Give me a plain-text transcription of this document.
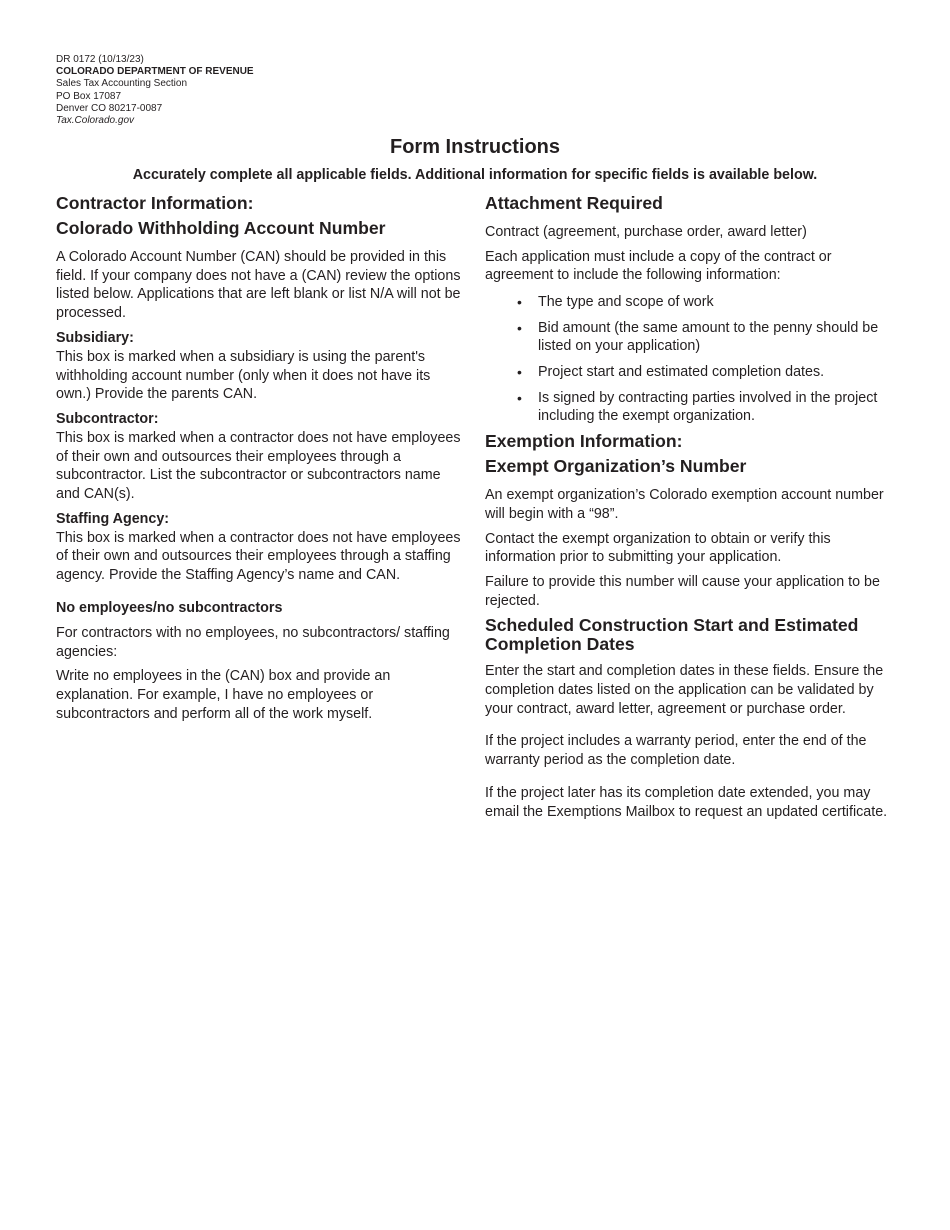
DR 0172 (10/13/23)
COLORADO DEPARTMENT OF REVENUE
Sales Tax Accounting Section
PO Box 17087
Denver CO 80217-0087
Tax.Colorado.gov
Form Instructions
Accurately complete all applicable fields. Additional information for specific fields is available below.
Contractor Information:
Colorado Withholding Account Number

A Colorado Account Number (CAN) should be provided in this field. If your company does not have a (CAN) review the options listed below. Applications that are left blank or list N/A will not be processed.

Subsidiary:

This box is marked when a subsidiary is using the parent's withholding account number (only when it does not have its own.) Provide the parents CAN.

Subcontractor:

This box is marked when a contractor does not have employees of their own and outsources their employees through a subcontractor. List the subcontractor or subcontractors name and CAN(s).

Staffing Agency:

This box is marked when a contractor does not have employees of their own and outsources their employees through a staffing agency. Provide the Staffing Agency’s name and CAN.

No employees/no subcontractors

For contractors with no employees, no subcontractors/ staffing agencies:

Write no employees in the (CAN) box and provide an explanation. For example, I have no employees or subcontractors and perform all of the work myself.

Attachment Required

Contract (agreement, purchase order, award letter)

Each application must include a copy of the contract or agreement to include the following information:

• The type and scope of work
• Bid amount (the same amount to the penny should be listed on your application)
• Project start and estimated completion dates.
• Is signed by contracting parties involved in the project including the exempt organization.
Exemption Information:
Exempt Organization’s Number

An exempt organization’s Colorado exemption account number will begin with a “98”.

Contact the exempt organization to obtain or verify this information prior to submitting your application.

Failure to provide this number will cause your application to be rejected.

Scheduled Construction Start and Estimated Completion Dates

Enter the start and completion dates in these fields. Ensure the completion dates listed on the application can be validated by your contract, award letter, agreement or purchase order.

If the project includes a warranty period, enter the end of the warranty period as the completion date.

If the project later has its completion date extended, you may email the Exemptions Mailbox to request an updated certificate.
